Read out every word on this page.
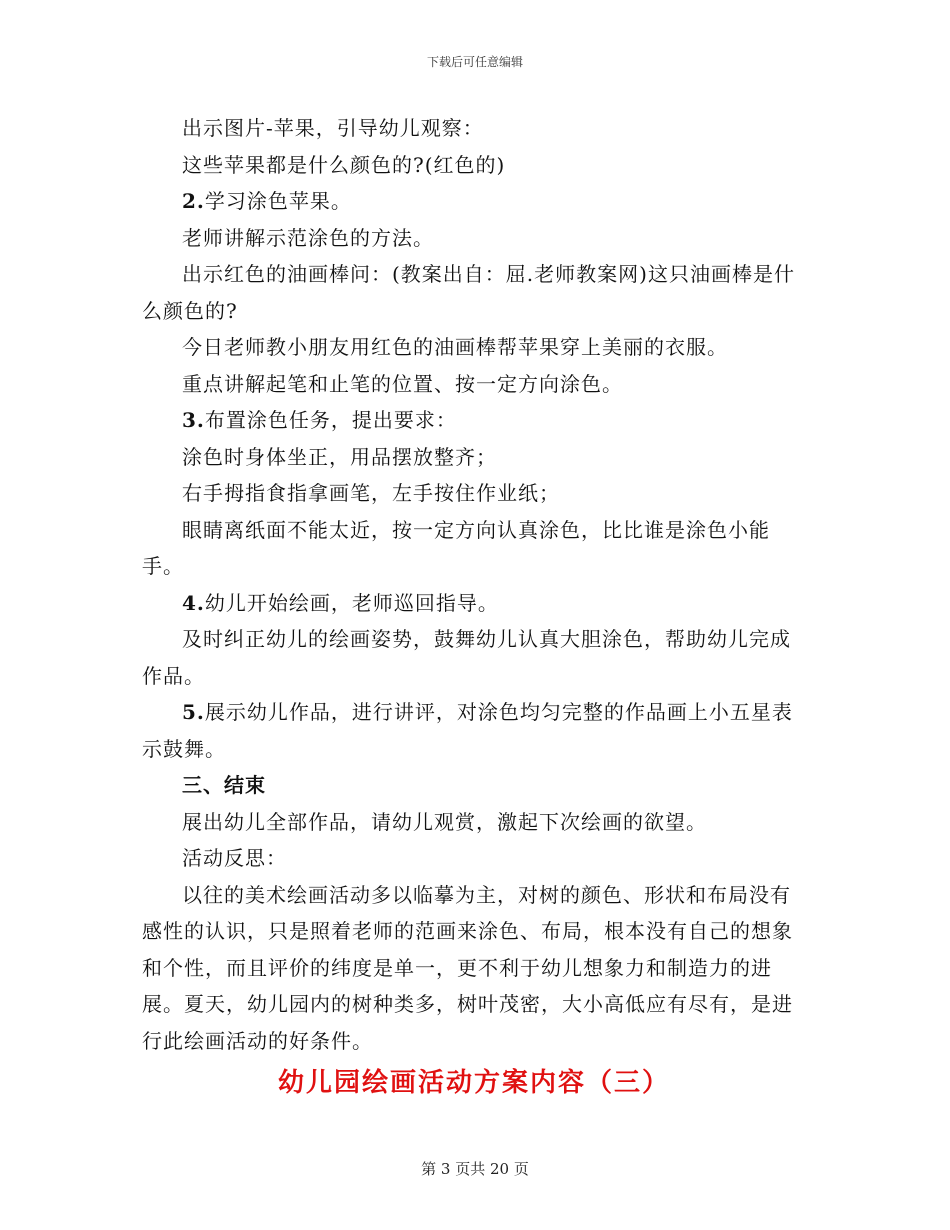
下载后可任意编辑

出示图片-苹果，引导幼儿观察：

这些苹果都是什么颜色的?(红色的)

2.学习涂色苹果。

老师讲解示范涂色的方法。

出示红色的油画棒问：(教案出自：屈.老师教案网)这只油画棒是什么颜色的?

今日老师教小朋友用红色的油画棒帮苹果穿上美丽的衣服。

重点讲解起笔和止笔的位置、按一定方向涂色。

3.布置涂色任务，提出要求：

涂色时身体坐正，用品摆放整齐；

右手拇指食指拿画笔，左手按住作业纸；

眼睛离纸面不能太近，按一定方向认真涂色，比比谁是涂色小能手。

4.幼儿开始绘画，老师巡回指导。

及时纠正幼儿的绘画姿势，鼓舞幼儿认真大胆涂色，帮助幼儿完成作品。

5.展示幼儿作品，进行讲评，对涂色均匀完整的作品画上小五星表示鼓舞。

三、结束

展出幼儿全部作品，请幼儿观赏，激起下次绘画的欲望。

活动反思：

以往的美术绘画活动多以临摹为主，对树的颜色、形状和布局没有感性的认识，只是照着老师的范画来涂色、布局，根本没有自己的想象和个性，而且评价的纬度是单一，更不利于幼儿想象力和制造力的进展。夏天，幼儿园内的树种类多，树叶茂密，大小高低应有尽有，是进行此绘画活动的好条件。

幼儿园绘画活动方案内容（三）
第 3 页共 20 页
